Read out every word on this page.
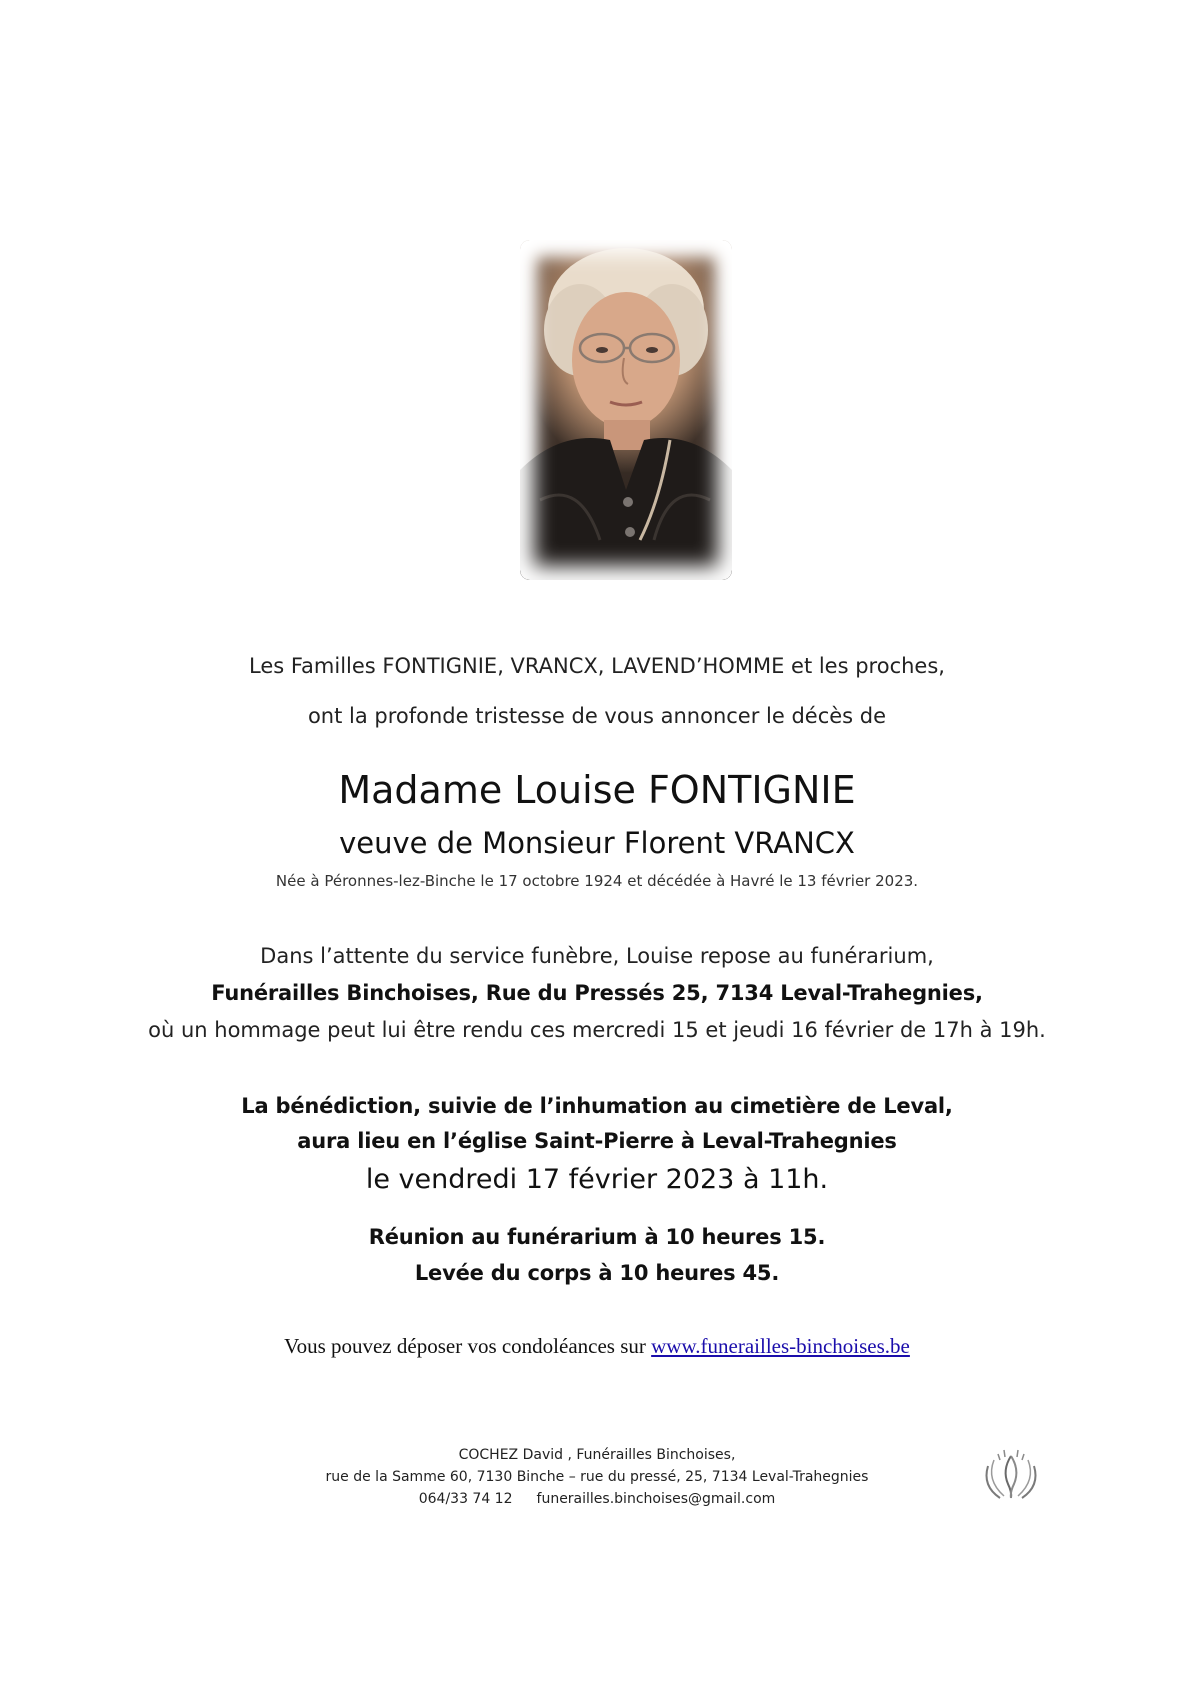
Les Familles FONTIGNIE, VRANCX, LAVEND’HOMME et les proches,
ont la profonde tristesse de vous annoncer le décès de
Madame Louise FONTIGNIE
veuve de Monsieur Florent VRANCX
Née à Péronnes-lez-Binche le 17 octobre 1924 et décédée à Havré le 13 février 2023.
Dans l’attente du service funèbre, Louise repose au funérarium,
Funérailles Binchoises, Rue du Pressés 25, 7134 Leval-Trahegnies,
où un hommage peut lui être rendu ces mercredi 15 et jeudi 16 février de 17h à 19h.
La bénédiction, suivie de l’inhumation au cimetière de Leval,
aura lieu en l’église Saint-Pierre à Leval-Trahegnies
le vendredi 17 février 2023 à 11h.
Réunion au funérarium à 10 heures 15.
Levée du corps à 10 heures 45.
Vous pouvez déposer vos condoléances sur www.funerailles-binchoises.be
COCHEZ David , Funérailles Binchoises,
rue de la Samme 60, 7130 Binche – rue du pressé, 25, 7134 Leval-Trahegnies
064/33 74 12 funerailles.binchoises@gmail.com
